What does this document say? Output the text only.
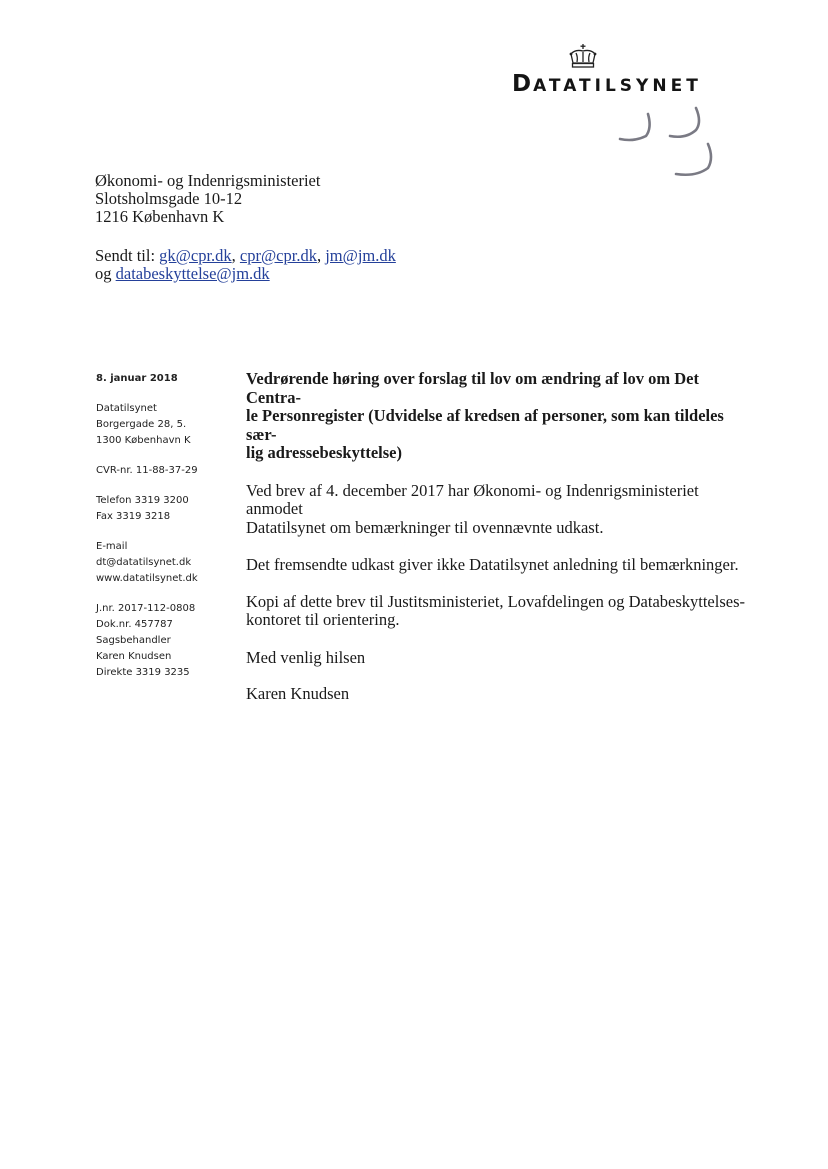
DATATILSYNET
Økonomi- og Indenrigsministeriet
Slotsholmsgade 10-12
1216 København K
Sendt til: gk@cpr.dk, cpr@cpr.dk, jm@jm.dk
og databeskyttelse@jm.dk
8. januar 2018
Datatilsynet
Borgergade 28, 5.
1300 København K
CVR-nr. 11-88-37-29
Telefon 3319 3200
Fax 3319 3218
E-mail
dt@datatilsynet.dk
www.datatilsynet.dk
J.nr. 2017-112-0808
Dok.nr. 457787
Sagsbehandler
Karen Knudsen
Direkte 3319 3235
Vedrørende høring over forslag til lov om ændring af lov om Det Centra-
le Personregister (Udvidelse af kredsen af personer, som kan tildeles sær-
lig adressebeskyttelse)

Ved brev af 4. december 2017 har Økonomi- og Indenrigsministeriet anmodet
Datatilsynet om bemærkninger til ovennævnte udkast.

Det fremsendte udkast giver ikke Datatilsynet anledning til bemærkninger.

Kopi af dette brev til Justitsministeriet, Lovafdelingen og Databeskyttelses-
kontoret til orientering.

Med venlig hilsen

Karen Knudsen
